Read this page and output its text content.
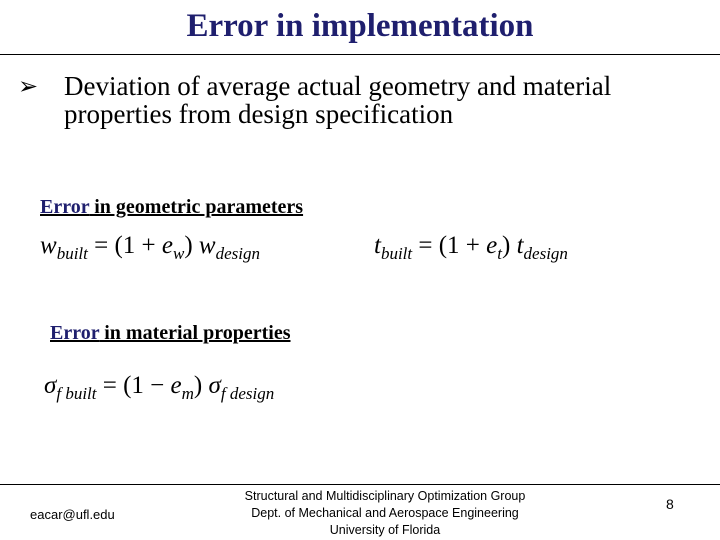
Error in implementation
➢ Deviation of average actual geometry and material properties from design specification
Error in geometric parameters
$w_{built} = (1 + e_w)$ $w_{design}$	$t_{built} = (1 + e_t)$ $t_{design}$
Error in material properties
$\sigma_{f built} = (1 - e_m)$ $\sigma_{f design}$
eacar@ufl.edu
Structural and Multidisciplinary Optimization Group
Dept. of Mechanical and Aerospace Engineering
University of Florida
8
